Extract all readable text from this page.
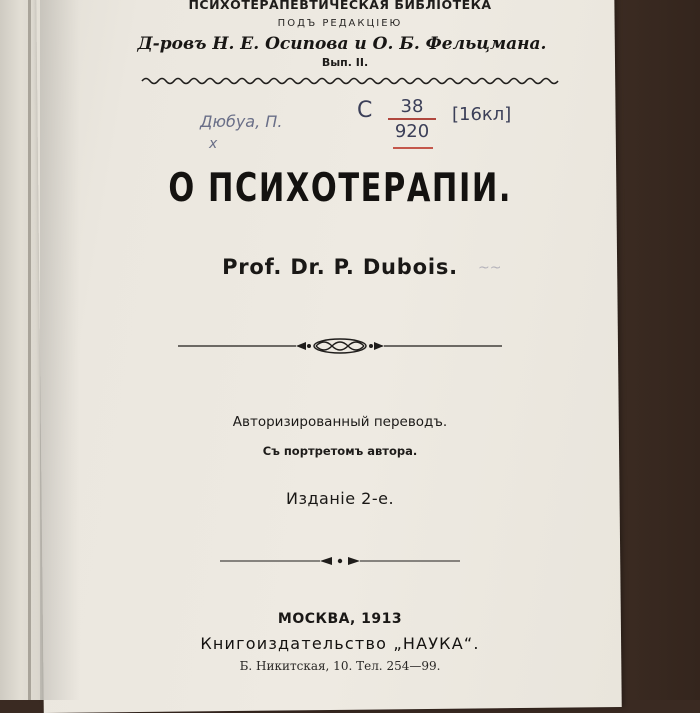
ПСИХОТЕРАПЕВТИЧЕСКАЯ БИБЛІОТЕКА
ПОДЪ РЕДАКЦІЕЮ
Д-ровъ Н. Е. Осипова и О. Б. Фельцмана.
Вып. II.
Дюбуа, П.
x
С	38
920
[16кл]
О ПСИХОТЕРАПІИ.
Prof. Dr. P. Dubois.	~~
Авторизированный переводъ.
Съ портретомъ автора.
Изданіе 2-е.
МОСКВА, 1913
Книгоиздательство „НАУКА“.
Б. Никитская, 10. Тел. 254—99.
